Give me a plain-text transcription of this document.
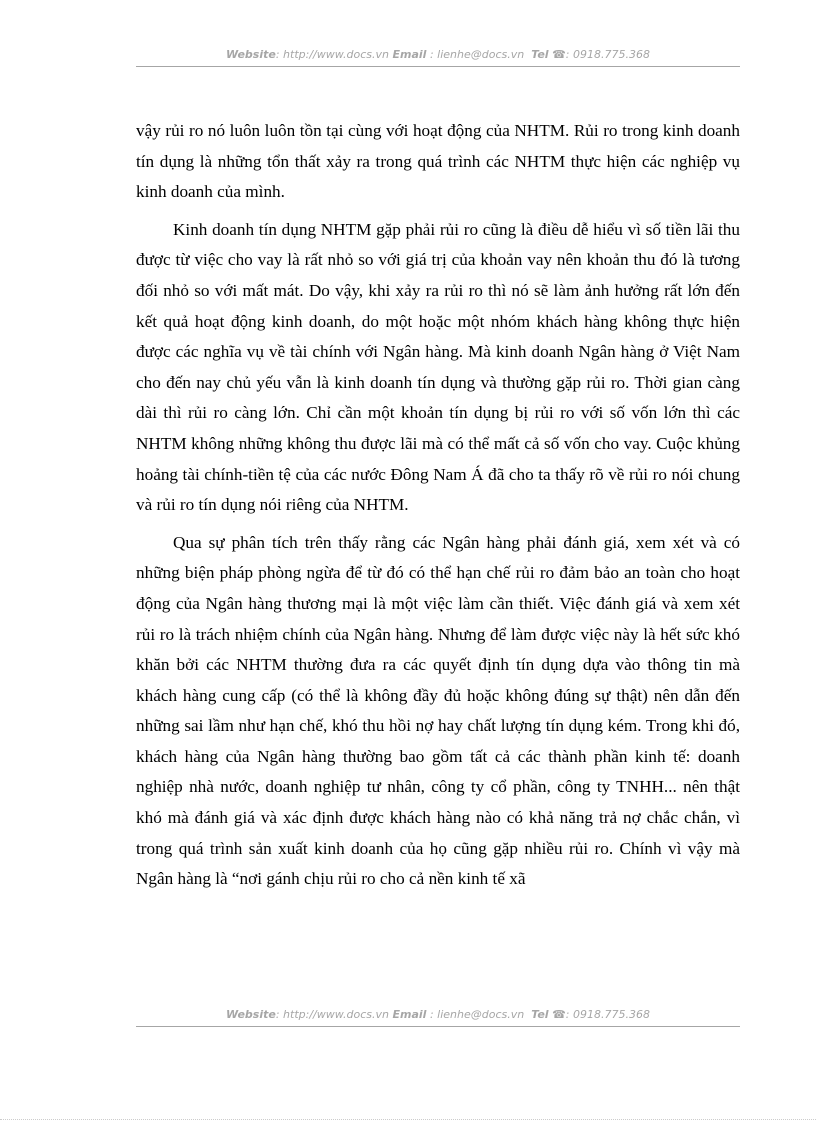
Website: http://www.docs.vn Email : lienhe@docs.vn Tel ☎: 0918.775.368

vậy rủi ro nó luôn luôn tồn tại cùng với hoạt động của NHTM. Rủi ro trong kinh doanh tín dụng là những tổn thất xảy ra trong quá trình các NHTM thực hiện các nghiệp vụ kinh doanh của mình.

Kinh doanh tín dụng NHTM gặp phải rủi ro cũng là điều dễ hiểu vì số tiền lãi thu được từ việc cho vay là rất nhỏ so với giá trị của khoản vay nên khoản thu đó là tương đối nhỏ so với mất mát. Do vậy, khi xảy ra rủi ro thì nó sẽ làm ảnh hưởng rất lớn đến kết quả hoạt động kinh doanh, do một hoặc một nhóm khách hàng không thực hiện được các nghĩa vụ về tài chính với Ngân hàng. Mà kinh doanh Ngân hàng ở Việt Nam cho đến nay chủ yếu vẫn là kinh doanh tín dụng và thường gặp rủi ro. Thời gian càng dài thì rủi ro càng lớn. Chỉ cần một khoản tín dụng bị rủi ro với số vốn lớn thì các NHTM không những không thu được lãi mà có thể mất cả số vốn cho vay. Cuộc khủng hoảng tài chính-tiền tệ của các nước Đông Nam Á đã cho ta thấy rõ về rủi ro nói chung và rủi ro tín dụng nói riêng của NHTM.

Qua sự phân tích trên thấy rằng các Ngân hàng phải đánh giá, xem xét và có những biện pháp phòng ngừa để từ đó có thể hạn chế rủi ro đảm bảo an toàn cho hoạt động của Ngân hàng thương mại là một việc làm cần thiết. Việc đánh giá và xem xét rủi ro là trách nhiệm chính của Ngân hàng. Nhưng để làm được việc này là hết sức khó khăn bởi các NHTM thường đưa ra các quyết định tín dụng dựa vào thông tin mà khách hàng cung cấp (có thể là không đầy đủ hoặc không đúng sự thật) nên dẫn đến những sai lầm như hạn chế, khó thu hồi nợ hay chất lượng tín dụng kém. Trong khi đó, khách hàng của Ngân hàng thường bao gồm tất cả các thành phần kinh tế: doanh nghiệp nhà nước, doanh nghiệp tư nhân, công ty cổ phần, công ty TNHH... nên thật khó mà đánh giá và xác định được khách hàng nào có khả năng trả nợ chắc chắn, vì trong quá trình sản xuất kinh doanh của họ cũng gặp nhiều rủi ro. Chính vì vậy mà Ngân hàng là “nơi gánh chịu rủi ro cho cả nền kinh tế xã

Website: http://www.docs.vn Email : lienhe@docs.vn Tel ☎: 0918.775.368
